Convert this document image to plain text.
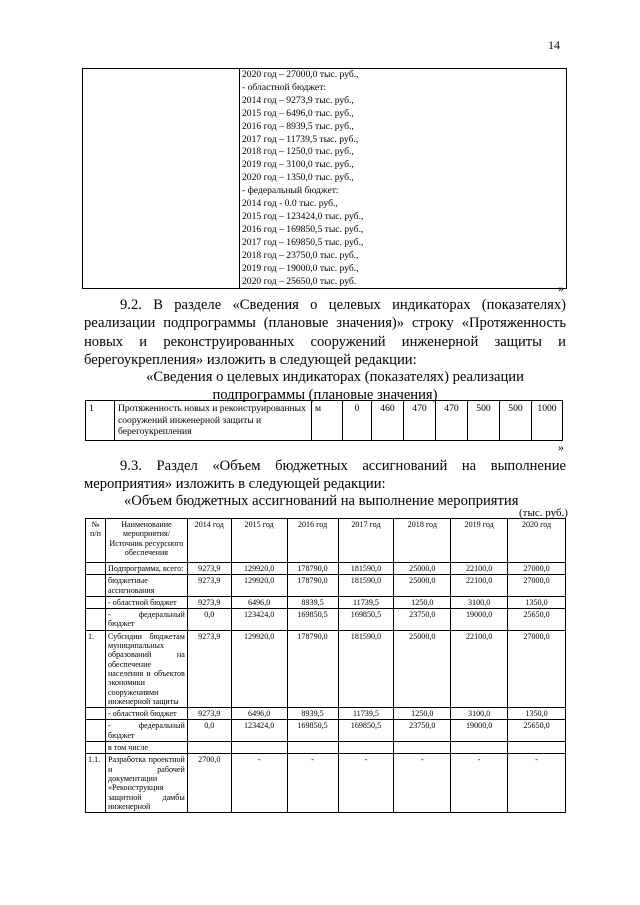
14

2020 год – 27000,0 тыс. руб.,
- областной бюджет:
2014 год – 9273,9 тыс. руб.,
2015 год – 6496,0 тыс. руб.,
2016 год – 8939,5 тыс. руб.,
2017 год – 11739,5 тыс. руб.,
2018 год – 1250,0 тыс. руб.,
2019 год – 3100,0 тыс. руб.,
2020 год – 1350,0 тыс. руб.,
- федеральный бюджет:
2014 год - 0.0 тыс. руб.,
2015 год – 123424,0 тыс. руб.,
2016 год – 169850,5 тыс. руб.,
2017 год – 169850,5 тыс. руб.,
2018 год – 23750,0 тыс. руб.,
2019 год – 19000,0 тыс. руб.,
2020 год – 25650,0 тыс. руб.	»
9.2. В разделе «Сведения о целевых индикаторах (показателях)
реализации подпрограммы (плановые значения)» строку «Протяженность
новых и реконструированных сооружений инженерной защиты и
берегоукрепления» изложить в следующей редакции:
«Сведения о целевых индикаторах (показателях) реализации
подпрограммы (плановые значения)
1	Протяженность новых и реконструированных сооружений инженерной защиты и берегоукрепления	м	0	460	470	470	500	500	1000
»
9.3. Раздел «Объем бюджетных ассигнований на выполнение
мероприятия» изложить в следующей редакции:
«Объем бюджетных ассигнований на выполнение мероприятия
(тыс. руб.)
№ п/п	Наименование мероприятия/Источник ресурсного обеспечения	2014 год	2015 год	2016 год	2017 год	2018 год	2019 год	2020 год
	Подпрограмма, всего:	9273,9	129920,0	178790,0	181590,0	25000,0	22100,0	27000,0
	бюджетные ассигнования	9273,9	129920,0	178790,0	181590,0	25000,0	22100,0	27000,0
	- областной бюджет	9273,9	6496,0	8939,5	11739,5	1250,0	3100,0	1350,0
	- федеральный бюджет	0,0	123424,0	169850,5	169850,5	23750,0	19000,0	25650,0
1.	Субсидии бюджетам муниципальных образований на обеспечение населения и объектов экономики сооружениями инженерной защиты	9273,9	129920,0	178790,0	181590,0	25000,0	22100,0	27000,0
	- областной бюджет	9273,9	6496,0	8939,5	11739,5	1250,0	3100,0	1350,0
	- федеральный бюджет	0,0	123424,0	169850,5	169850,5	23750,0	19000,0	25650,0
	в том числе							
1.1.	Разработка проектной и рабочей документации «Реконструкция защитной дамбы инженерной	2700,0	-	-	-	-	-	-
